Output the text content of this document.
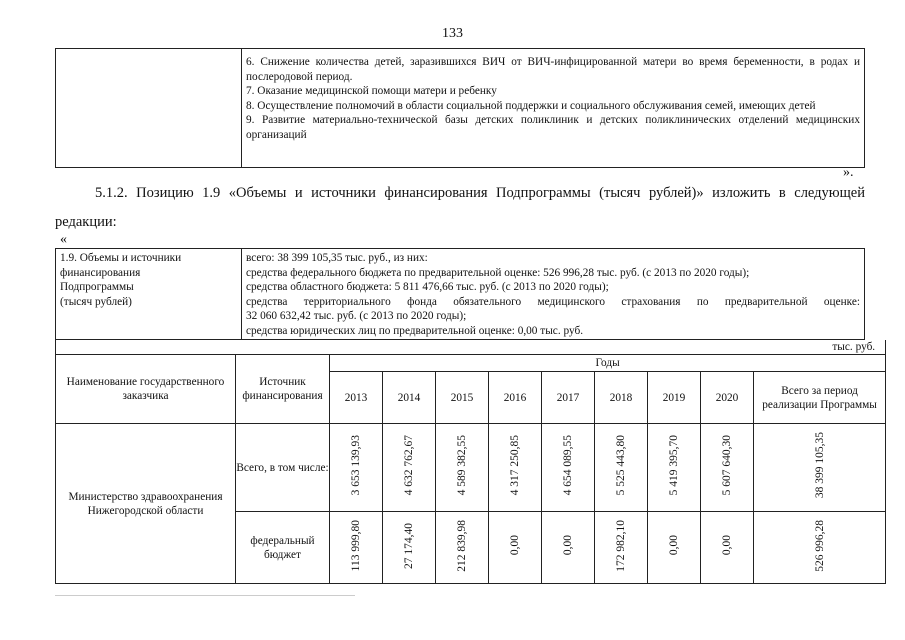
133

6. Снижение количества детей, заразившихся ВИЧ от ВИЧ-инфицированной матери во время беременности, в родах и послеродовой период.
7. Оказание медицинской помощи матери и ребенку
8. Осуществление полномочий в области социальной поддержки и социального обслуживания семей, имеющих детей
9. Развитие материально-технической базы детских поликлиник и детских поликлинических отделений медицинских организаций
».
5.1.2. Позицию 1.9 «Объемы и источники финансирования Подпрограммы (тысяч рублей)» изложить в следующей
редакции:
«
1.9. Объемы и источники
финансирования
Подпрограммы
(тысяч рублей)

всего: 38 399 105,35 тыс. руб., из них:
средства федерального бюджета по предварительной оценке: 526 996,28 тыс. руб. (с 2013 по 2020 годы);
средства областного бюджета: 5 811 476,66 тыс. руб. (с 2013 по 2020 годы);
средства территориального фонда обязательного медицинского страхования по предварительной оценке:
32 060 632,42 тыс. руб. (с 2013 по 2020 годы);
средства юридических лиц по предварительной оценке: 0,00 тыс. руб.
тыс. руб.										
Наименование государственного заказчика	Источник финансирования	Годы								
		2013	2014	2015	2016	2017	2018	2019	2020	Всего за период реализации Программы
Министерство здравоохранения Нижегородской области	Всего, в том числе:	3 653 139,93	4 632 762,67	4 589 382,55	4 317 250,85	4 654 089,55	5 525 443,80	5 419 395,70	5 607 640,30	38 399 105,35
	федеральный бюджет	113 999,80	27 174,40	212 839,98	0,00	0,00	172 982,10	0,00	0,00	526 996,28
